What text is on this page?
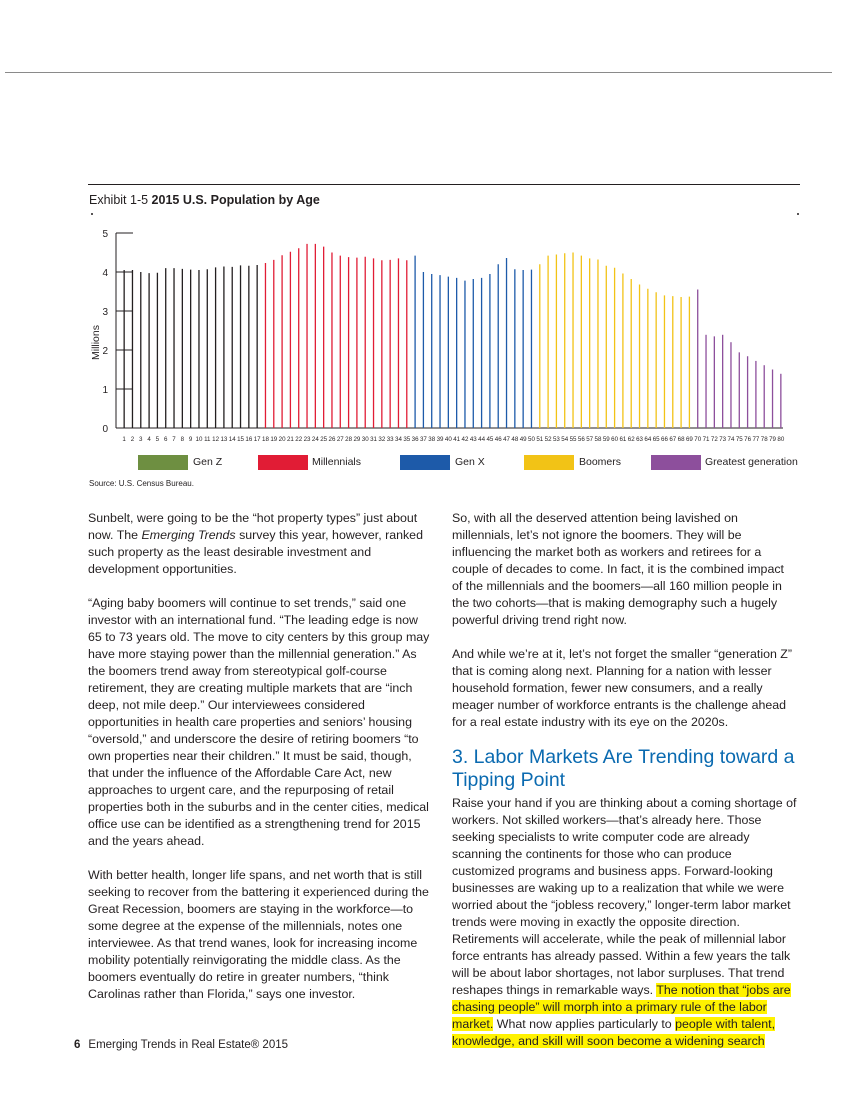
Exhibit 1-5 2015 U.S. Population by Age
0
1
2
3
4
5
Millions
1 2 3 4 5 6 7 8 9 10 11 12 13 14 15 16 17 18 19 20 21 22 23 24 25 26 27 28 29 30 31 32 33 34 35 36 37 38 39 40 41 42 43 44 45 46 47 48 49 50 51 52 53 54 55 56 57 58 59 60 61 62 63 64 65 66 67 68 69 70 71 72 73 74 75 76 77 78 79 80
Gen Z	Millennials	Gen X	Boomers	Greatest generation
Source: U.S. Census Bureau.

Sunbelt, were going to be the “hot property types” just about now. The Emerging Trends survey this year, however, ranked such property as the least desirable investment and development opportunities.

“Aging baby boomers will continue to set trends,” said one investor with an international fund. “The leading edge is now 65 to 73 years old. The move to city centers by this group may have more staying power than the millennial generation.” As the boomers trend away from stereotypical golf-course retirement, they are creating multiple markets that are “inch deep, not mile deep.” Our interviewees considered opportunities in health care properties and seniors’ housing “oversold,” and underscore the desire of retiring boomers “to own properties near their children.” It must be said, though, that under the influence of the Affordable Care Act, new approaches to urgent care, and the repurposing of retail properties both in the suburbs and in the center cities, medical office use can be identified as a strengthening trend for 2015 and the years ahead.

With better health, longer life spans, and net worth that is still seeking to recover from the battering it experienced during the Great Recession, boomers are staying in the workforce—to some degree at the expense of the millennials, notes one interviewee. As that trend wanes, look for increasing income mobility potentially reinvigorating the middle class. As the boomers eventually do retire in greater numbers, “think Carolinas rather than Florida,” says one investor.

So, with all the deserved attention being lavished on millennials, let’s not ignore the boomers. They will be influencing the market both as workers and retirees for a couple of decades to come. In fact, it is the combined impact of the millennials and the boomers—all 160 million people in the two cohorts—that is making demography such a hugely powerful driving trend right now.

And while we’re at it, let’s not forget the smaller “generation Z” that is coming along next. Planning for a nation with lesser household formation, fewer new consumers, and a really meager number of workforce entrants is the challenge ahead for a real estate industry with its eye on the 2020s.

3. Labor Markets Are Trending toward a Tipping Point

Raise your hand if you are thinking about a coming shortage of workers. Not skilled workers—that’s already here. Those seeking specialists to write computer code are already scanning the continents for those who can produce customized programs and business apps. Forward-looking businesses are waking up to a realization that while we were worried about the “jobless recovery,” longer-term labor market trends were moving in exactly the opposite direction. Retirements will accelerate, while the peak of millennial labor force entrants has already passed. Within a few years the talk will be about labor shortages, not labor surpluses. That trend reshapes things in remarkable ways. The notion that “jobs are chasing people” will morph into a primary rule of the labor market. What now applies particularly to people with talent, knowledge, and skill will soon become a widening search

6 Emerging Trends in Real Estate® 2015
